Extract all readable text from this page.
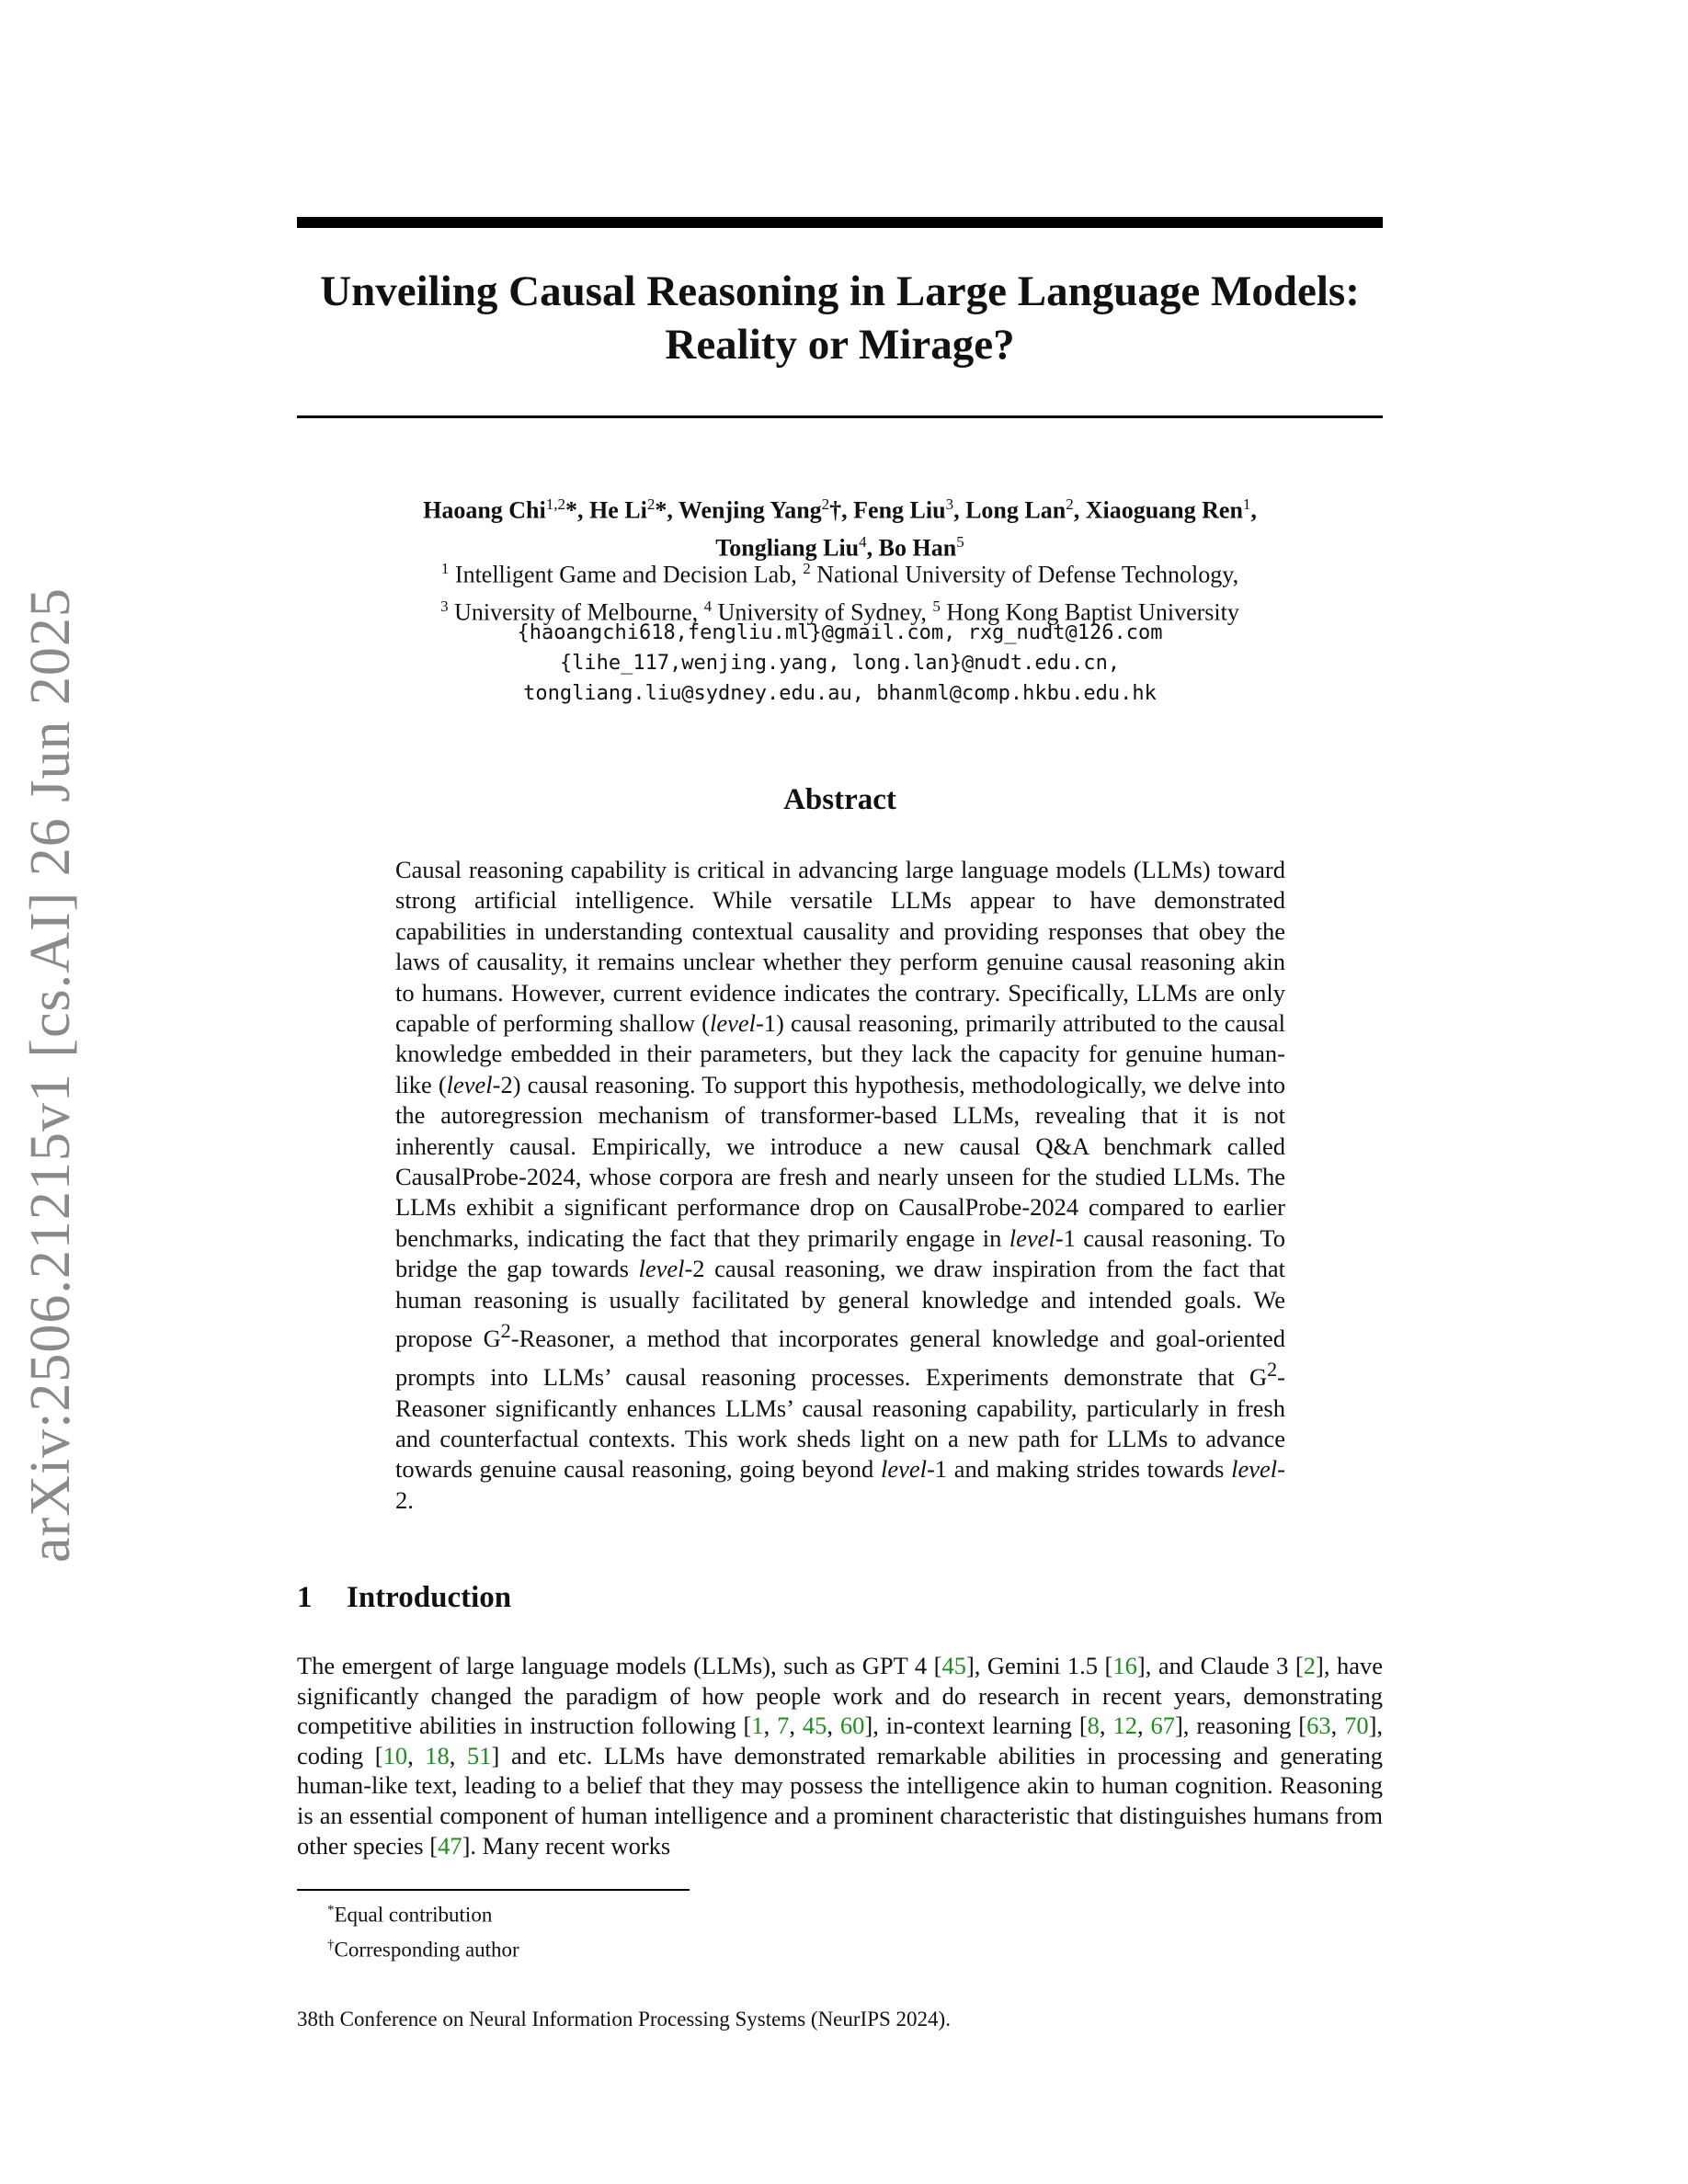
arXiv:2506.21215v1 [cs.AI] 26 Jun 2025
Unveiling Causal Reasoning in Large Language Models: Reality or Mirage?
Haoang Chi$^{1,2}$*, He Li$^2$*, Wenjing Yang$^2$†, Feng Liu$^3$, Long Lan$^2$, Xiaoguang Ren$^1$,
Tongliang Liu$^4$, Bo Han$^5$
$^1$ Intelligent Game and Decision Lab, $^2$ National University of Defense Technology,
$^3$ University of Melbourne, $^4$ University of Sydney, $^5$ Hong Kong Baptist University
{haoangchi618,fengliu.ml}@gmail.com, rxg_nudt@126.com
{lihe_117,wenjing.yang, long.lan}@nudt.edu.cn,
tongliang.liu@sydney.edu.au, bhanml@comp.hkbu.edu.hk
Abstract
Causal reasoning capability is critical in advancing large language models (LLMs) toward strong artificial intelligence. While versatile LLMs appear to have demonstrated capabilities in understanding contextual causality and providing responses that obey the laws of causality, it remains unclear whether they perform genuine causal reasoning akin to humans. However, current evidence indicates the contrary. Specifically, LLMs are only capable of performing shallow (level-1) causal reasoning, primarily attributed to the causal knowledge embedded in their parameters, but they lack the capacity for genuine human-like (level-2) causal reasoning. To support this hypothesis, methodologically, we delve into the autoregression mechanism of transformer-based LLMs, revealing that it is not inherently causal. Empirically, we introduce a new causal Q&A benchmark called CausalProbe-2024, whose corpora are fresh and nearly unseen for the studied LLMs. The LLMs exhibit a significant performance drop on CausalProbe-2024 compared to earlier benchmarks, indicating the fact that they primarily engage in level-1 causal reasoning. To bridge the gap towards level-2 causal reasoning, we draw inspiration from the fact that human reasoning is usually facilitated by general knowledge and intended goals. We propose $G^2$-Reasoner, a method that incorporates general knowledge and goal-oriented prompts into LLMs’ causal reasoning processes. Experiments demonstrate that $G^2$-Reasoner significantly enhances LLMs’ causal reasoning capability, particularly in fresh and counterfactual contexts. This work sheds light on a new path for LLMs to advance towards genuine causal reasoning, going beyond level-1 and making strides towards level-2.
1 Introduction
The emergent of large language models (LLMs), such as GPT 4 [45], Gemini 1.5 [16], and Claude 3 [2], have significantly changed the paradigm of how people work and do research in recent years, demonstrating competitive abilities in instruction following [1, 7, 45, 60], in-context learning [8, 12, 67], reasoning [63, 70], coding [10, 18, 51] and etc. LLMs have demonstrated remarkable abilities in processing and generating human-like text, leading to a belief that they may possess the intelligence akin to human cognition. Reasoning is an essential component of human intelligence and a prominent characteristic that distinguishes humans from other species [47]. Many recent works
*Equal contribution
†Corresponding author
38th Conference on Neural Information Processing Systems (NeurIPS 2024).
